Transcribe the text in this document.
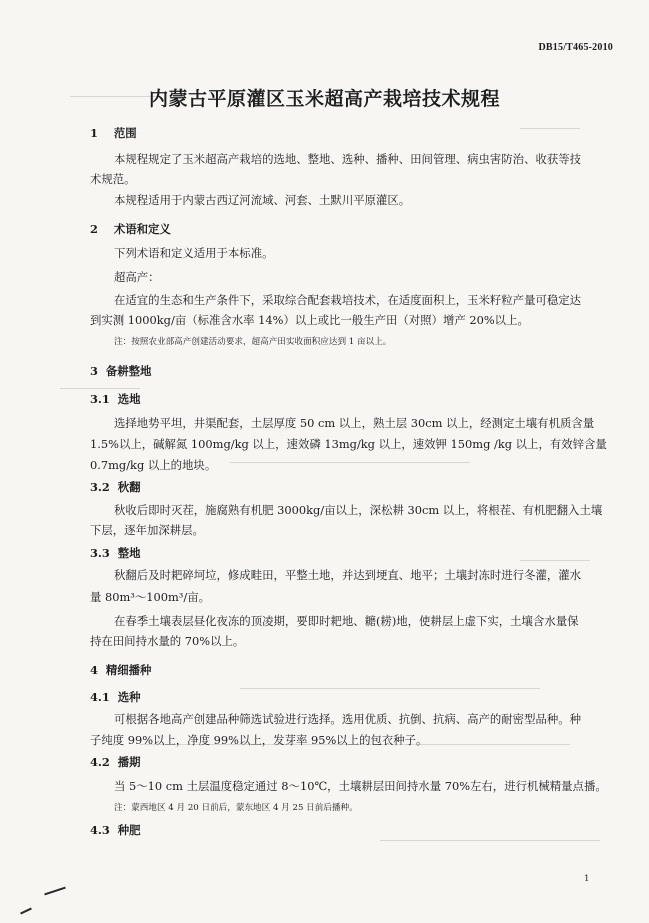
DB15/T465-2010
内蒙古平原灌区玉米超高产栽培技术规程
1 范围
本规程规定了玉米超高产栽培的选地、整地、选种、播种、田间管理、病虫害防治、收获等技
术规范。
本规程适用于内蒙古西辽河流域、河套、土默川平原灌区。
2 术语和定义
下列术语和定义适用于本标准。
超高产：
在适宜的生态和生产条件下，采取综合配套栽培技术，在适度面积上，玉米籽粒产量可稳定达
到实测 1000kg/亩（标准含水率 14%）以上或比一般生产田（对照）增产 20%以上。
注：按照农业部高产创建活动要求，超高产田实收面积应达到 1 亩以上。
3 备耕整地
3.1 选地
选择地势平坦，井渠配套，土层厚度 50 cm 以上，熟土层 30cm 以上，经测定土壤有机质含量
1.5%以上，碱解氮 100mg/kg 以上，速效磷 13mg/kg 以上，速效钾 150mg /kg 以上，有效锌含量
0.7mg/kg 以上的地块。
3.2 秋翻
秋收后即时灭茬，施腐熟有机肥 3000kg/亩以上，深松耕 30cm 以上，将根茬、有机肥翻入土壤
下层，逐年加深耕层。
3.3 整地
秋翻后及时耙碎坷垃，修成畦田，平整土地，并达到埂直、地平；土壤封冻时进行冬灌，灌水
量 80m³～100m³/亩。
在春季土壤表层昼化夜冻的顶凌期，要即时耙地、耱(耢)地，使耕层上虚下实，土壤含水量保
持在田间持水量的 70%以上。
4 精细播种
4.1 选种
可根据各地高产创建品种筛选试验进行选择。选用优质、抗倒、抗病、高产的耐密型品种。种
子纯度 99%以上，净度 99%以上，发芽率 95%以上的包衣种子。
4.2 播期
当 5～10 cm 土层温度稳定通过 8～10℃，土壤耕层田间持水量 70%左右，进行机械精量点播。
注：蒙西地区 4 月 20 日前后，蒙东地区 4 月 25 日前后播种。
4.3 种肥
1
